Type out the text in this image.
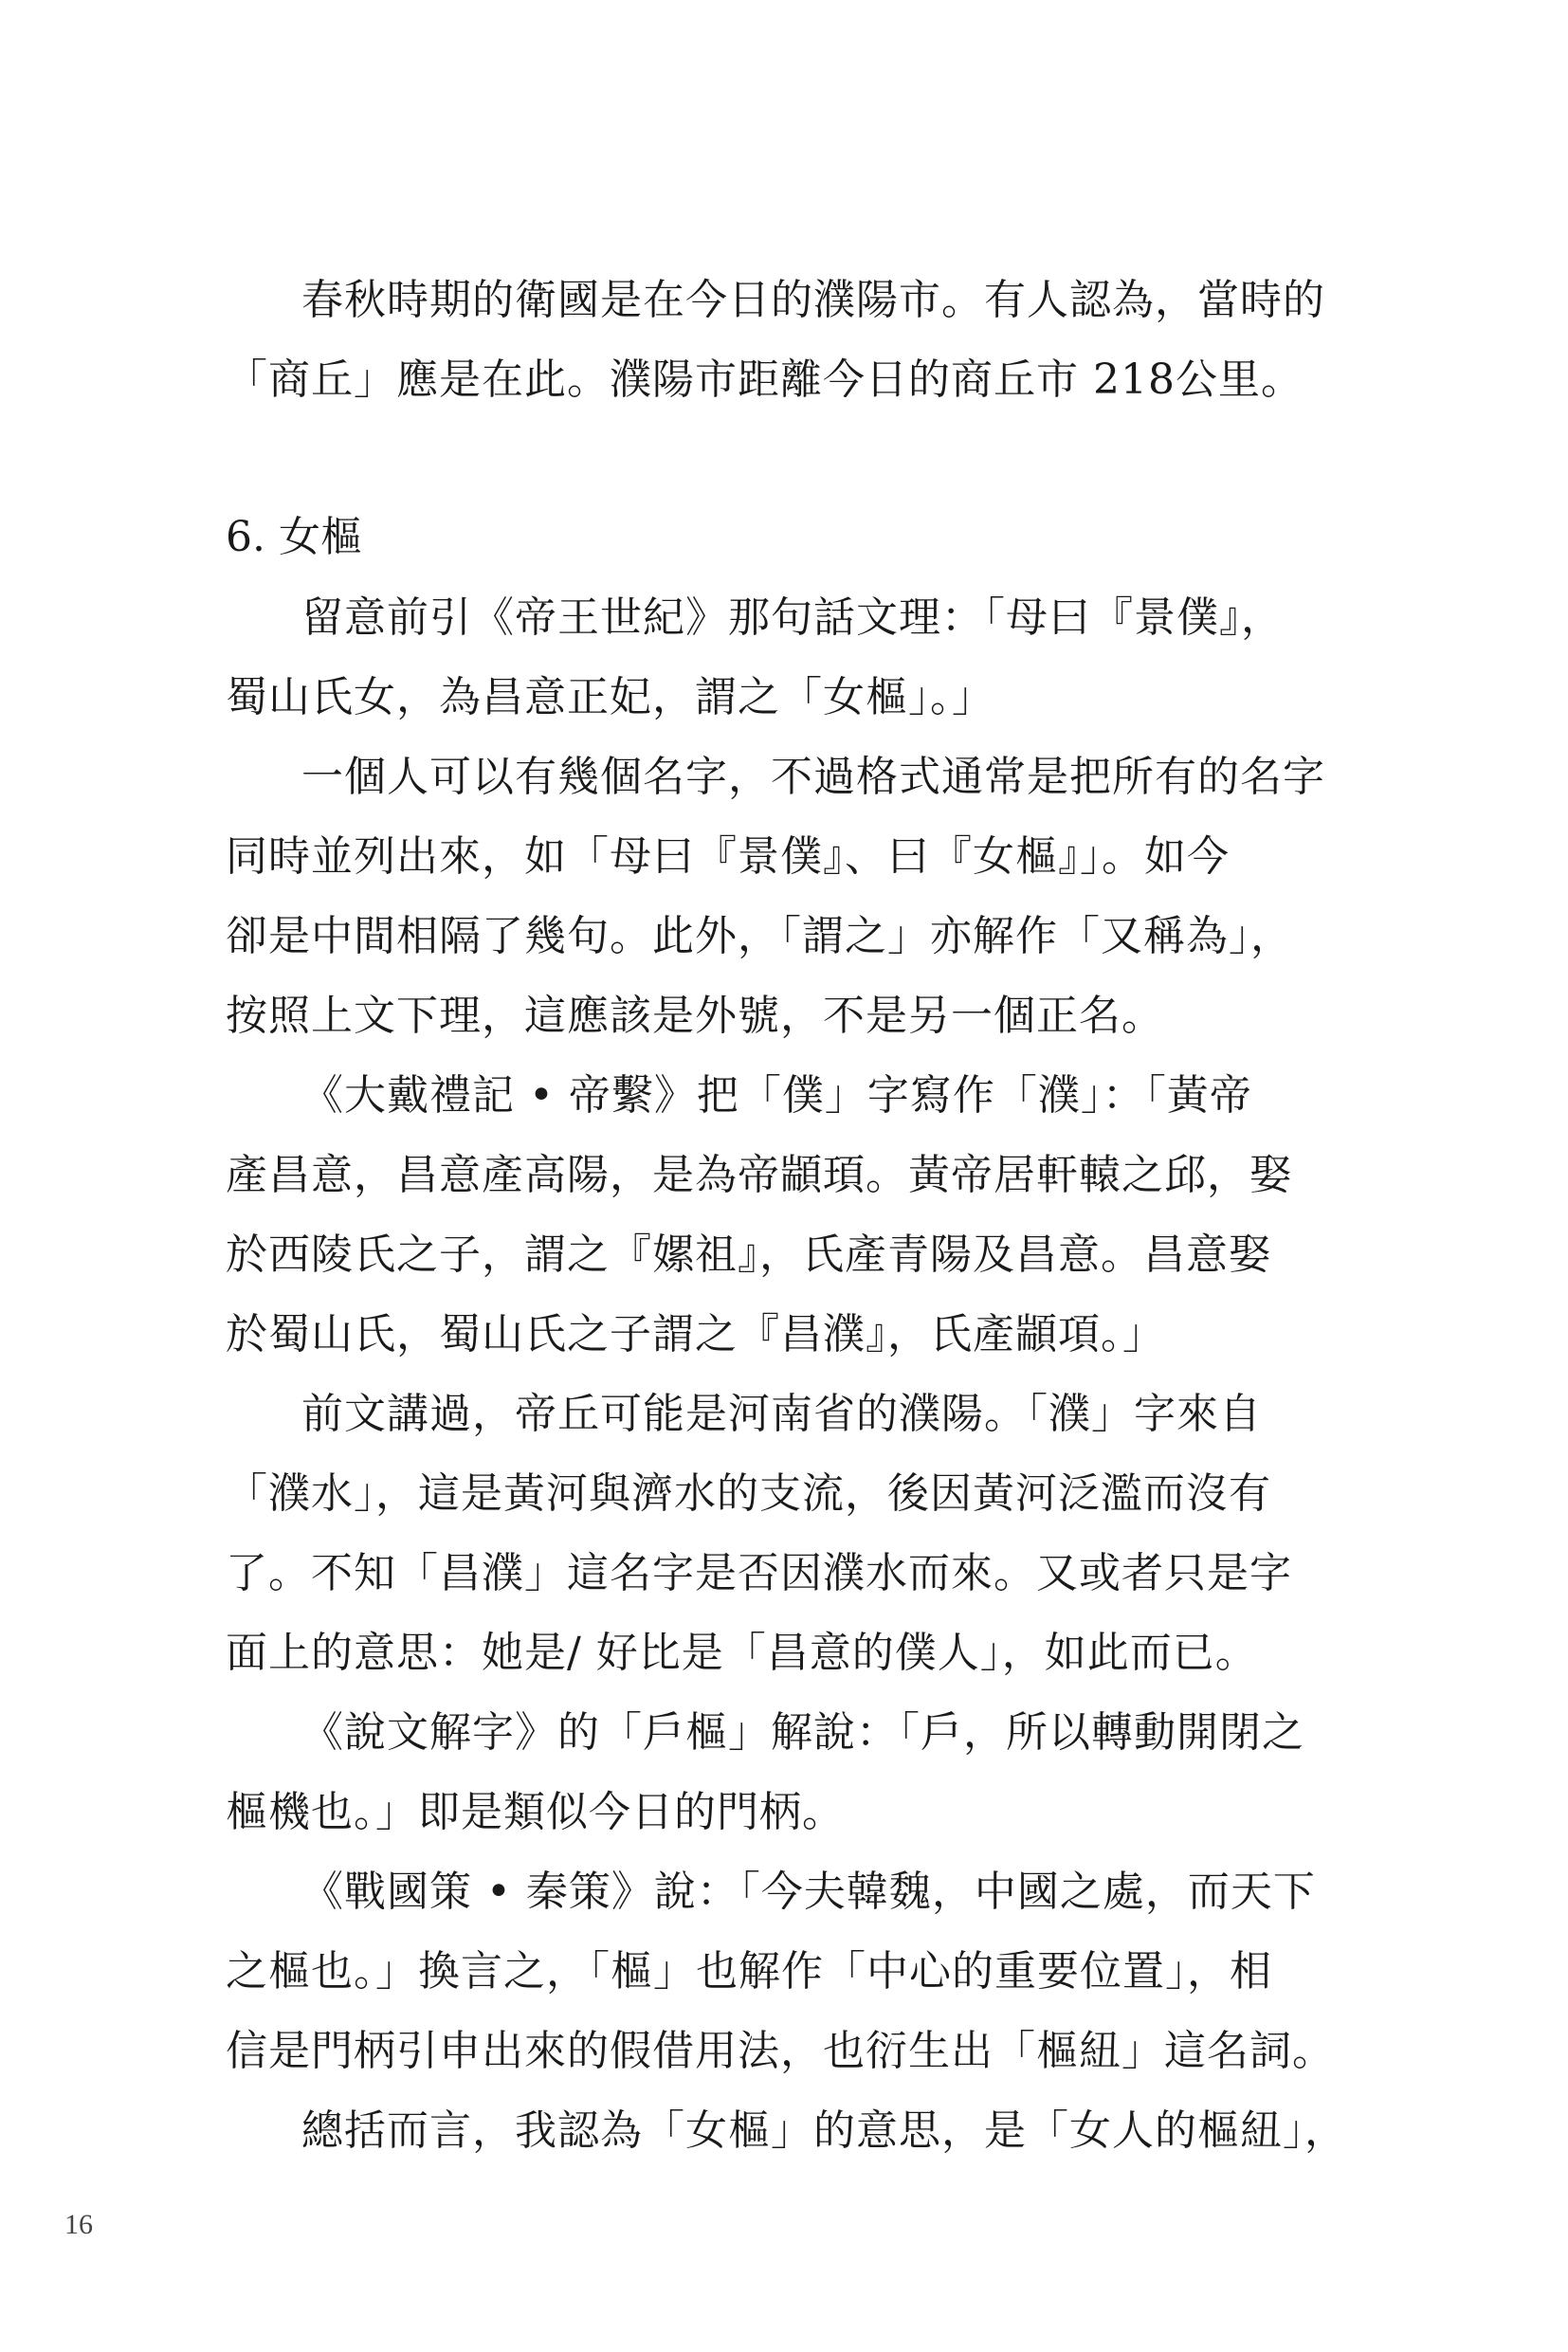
春秋時期的衛國是在今日的濮陽市。有人認為，當時的
「商丘」應是在此。濮陽市距離今日的商丘市 218公里。
6. 女樞
留意前引《帝王世紀》那句話文理：「母曰『景僕』，
蜀山氏女，為昌意正妃，謂之「女樞」。」
一個人可以有幾個名字，不過格式通常是把所有的名字
同時並列出來，如「母曰『景僕』、曰『女樞』」。如今
卻是中間相隔了幾句。此外，「謂之」亦解作「又稱為」，
按照上文下理，這應該是外號，不是另一個正名。
《大戴禮記 • 帝繫》把「僕」字寫作「濮」：「黃帝
產昌意，昌意產高陽，是為帝顓頊。黃帝居軒轅之邱，娶
於西陵氏之子，謂之『嫘祖』，氏產青陽及昌意。昌意娶
於蜀山氏，蜀山氏之子謂之『昌濮』，氏產顓項。」
前文講過，帝丘可能是河南省的濮陽。「濮」字來自
「濮水」，這是黃河與濟水的支流，後因黃河泛濫而沒有
了。不知「昌濮」這名字是否因濮水而來。又或者只是字
面上的意思：她是/ 好比是「昌意的僕人」，如此而已。
《說文解字》的「戶樞」解說：「戶，所以轉動開閉之
樞機也。」即是類似今日的門柄。
《戰國策 • 秦策》說：「今夫韓魏，中國之處，而天下
之樞也。」換言之，「樞」也解作「中心的重要位置」，相
信是門柄引申出來的假借用法，也衍生出「樞紐」這名詞。
總括而言，我認為「女樞」的意思，是「女人的樞紐」，
16
